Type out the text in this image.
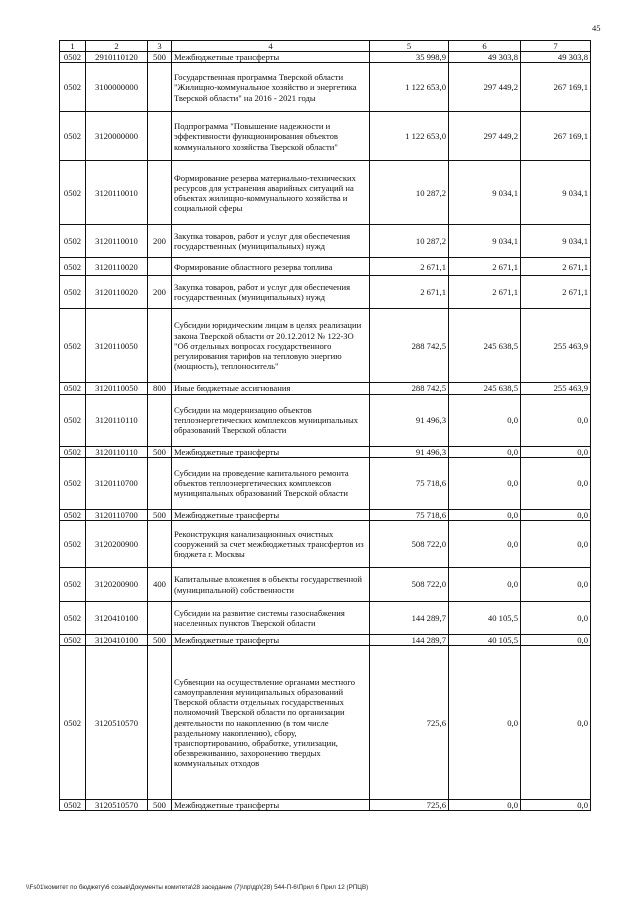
45
1	2	3	4	5	6	7
0502	2910110120	500	Межбюджетные трансферты	35 998,9	49 303,8	49 303,8
0502	3100000000		Государственная программа Тверской области "Жилищно-коммунальное хозяйство и энергетика Тверской области" на 2016 - 2021 годы	1 122 653,0	297 449,2	267 169,1
0502	3120000000		Подпрограмма "Повышение надежности и эффективности функционирования объектов коммунального хозяйства Тверской области"	1 122 653,0	297 449,2	267 169,1
0502	3120110010		Формирование резерва материально-технических ресурсов для устранения аварийных ситуаций на объектах жилищно-коммунального хозяйства и социальной сферы	10 287,2	9 034,1	9 034,1
0502	3120110010	200	Закупка товаров, работ и услуг для обеспечения государственных (муниципальных) нужд	10 287,2	9 034,1	9 034,1
0502	3120110020		Формирование областного резерва топлива	2 671,1	2 671,1	2 671,1
0502	3120110020	200	Закупка товаров, работ и услуг для обеспечения государственных (муниципальных) нужд	2 671,1	2 671,1	2 671,1
0502	3120110050		Субсидии юридическим лицам в целях реализации закона Тверской области от 20.12.2012 № 122-ЗО "Об отдельных вопросах государственного регулирования тарифов на тепловую энергию (мощность), теплоноситель"	288 742,5	245 638,5	255 463,9
0502	3120110050	800	Иные бюджетные ассигнования	288 742,5	245 638,5	255 463,9
0502	3120110110		Субсидии на модернизацию объектов теплоэнергетических комплексов муниципальных образований Тверской области	91 496,3	0,0	0,0
0502	3120110110	500	Межбюджетные трансферты	91 496,3	0,0	0,0
0502	3120110700		Субсидии на проведение капитального ремонта объектов теплоэнергетических комплексов муниципальных образований Тверской области	75 718,6	0,0	0,0
0502	3120110700	500	Межбюджетные трансферты	75 718,6	0,0	0,0
0502	3120200900		Реконструкция канализационных очистных сооружений за счет межбюджетных трансфертов из бюджета г. Москвы	508 722,0	0,0	0,0
0502	3120200900	400	Капитальные вложения в объекты государственной (муниципальной) собственности	508 722,0	0,0	0,0
0502	3120410100		Субсидии на развитие системы газоснабжения населенных пунктов Тверской области	144 289,7	40 105,5	0,0
0502	3120410100	500	Межбюджетные трансферты	144 289,7	40 105,5	0,0
0502	3120510570		Субвенции на осуществление органами местного самоуправления муниципальных образований Тверской области отдельных государственных полномочий Тверской области по организации деятельности по накоплению (в том числе раздельному накоплению), сбору, транспортированию, обработке, утилизации, обезвреживанию, захоронению твердых коммунальных отходов	725,6	0,0	0,0
0502	3120510570	500	Межбюджетные трансферты	725,6	0,0	0,0
\\Fs01\комитет по бюджету\6 созыв\Документы комитета\28 заседание (7)\пр\др\(28) 544-П-6\Прил 6 Прил 12 (РПЦВ)
